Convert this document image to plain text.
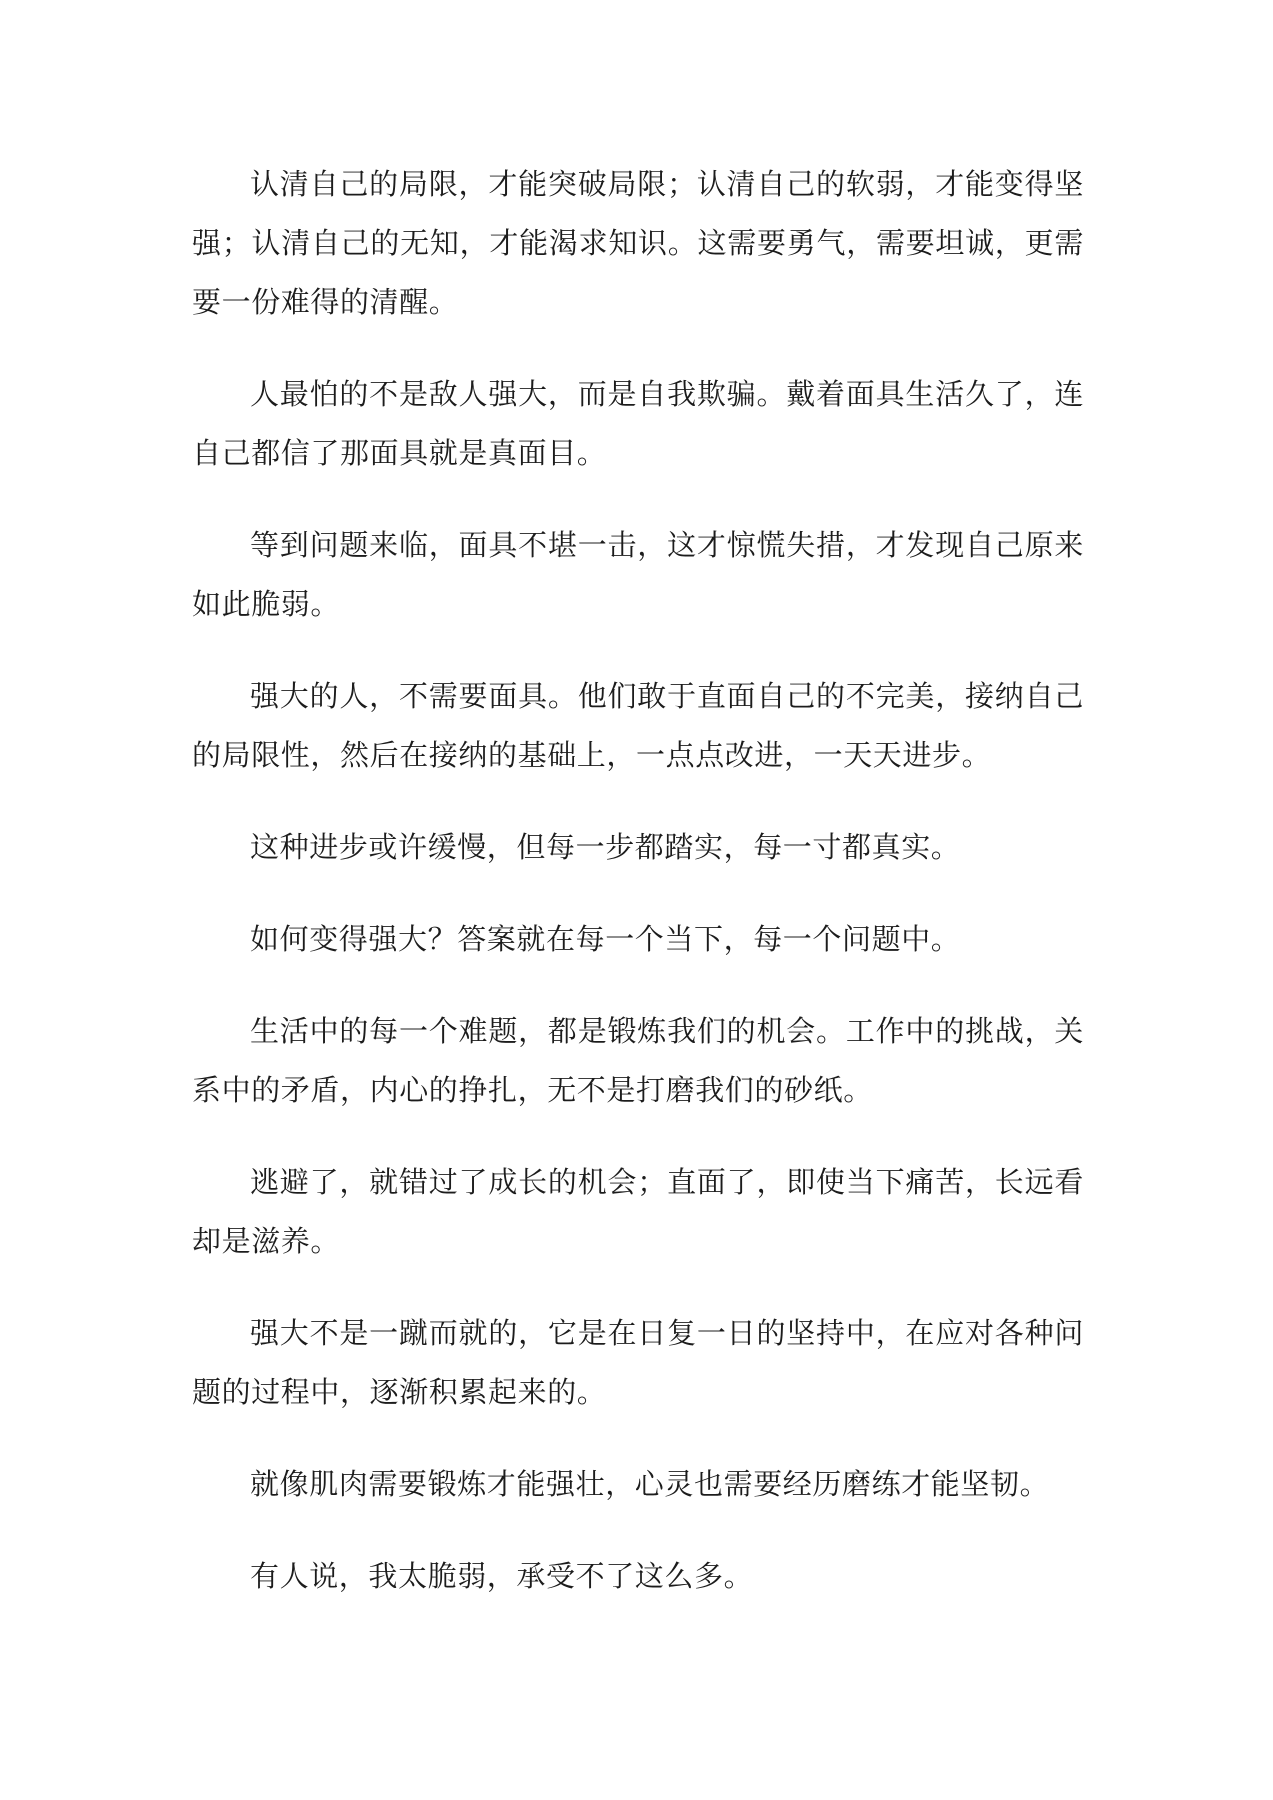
认清自己的局限，才能突破局限；认清自己的软弱，才能变得坚强；认清自己的无知，才能渴求知识。这需要勇气，需要坦诚，更需要一份难得的清醒。

人最怕的不是敌人强大，而是自我欺骗。戴着面具生活久了，连自己都信了那面具就是真面目。

等到问题来临，面具不堪一击，这才惊慌失措，才发现自己原来如此脆弱。

强大的人，不需要面具。他们敢于直面自己的不完美，接纳自己的局限性，然后在接纳的基础上，一点点改进，一天天进步。

这种进步或许缓慢，但每一步都踏实，每一寸都真实。

如何变得强大？答案就在每一个当下，每一个问题中。

生活中的每一个难题，都是锻炼我们的机会。工作中的挑战，关系中的矛盾，内心的挣扎，无不是打磨我们的砂纸。

逃避了，就错过了成长的机会；直面了，即使当下痛苦，长远看却是滋养。

强大不是一蹴而就的，它是在日复一日的坚持中，在应对各种问题的过程中，逐渐积累起来的。

就像肌肉需要锻炼才能强壮，心灵也需要经历磨练才能坚韧。

有人说，我太脆弱，承受不了这么多。
